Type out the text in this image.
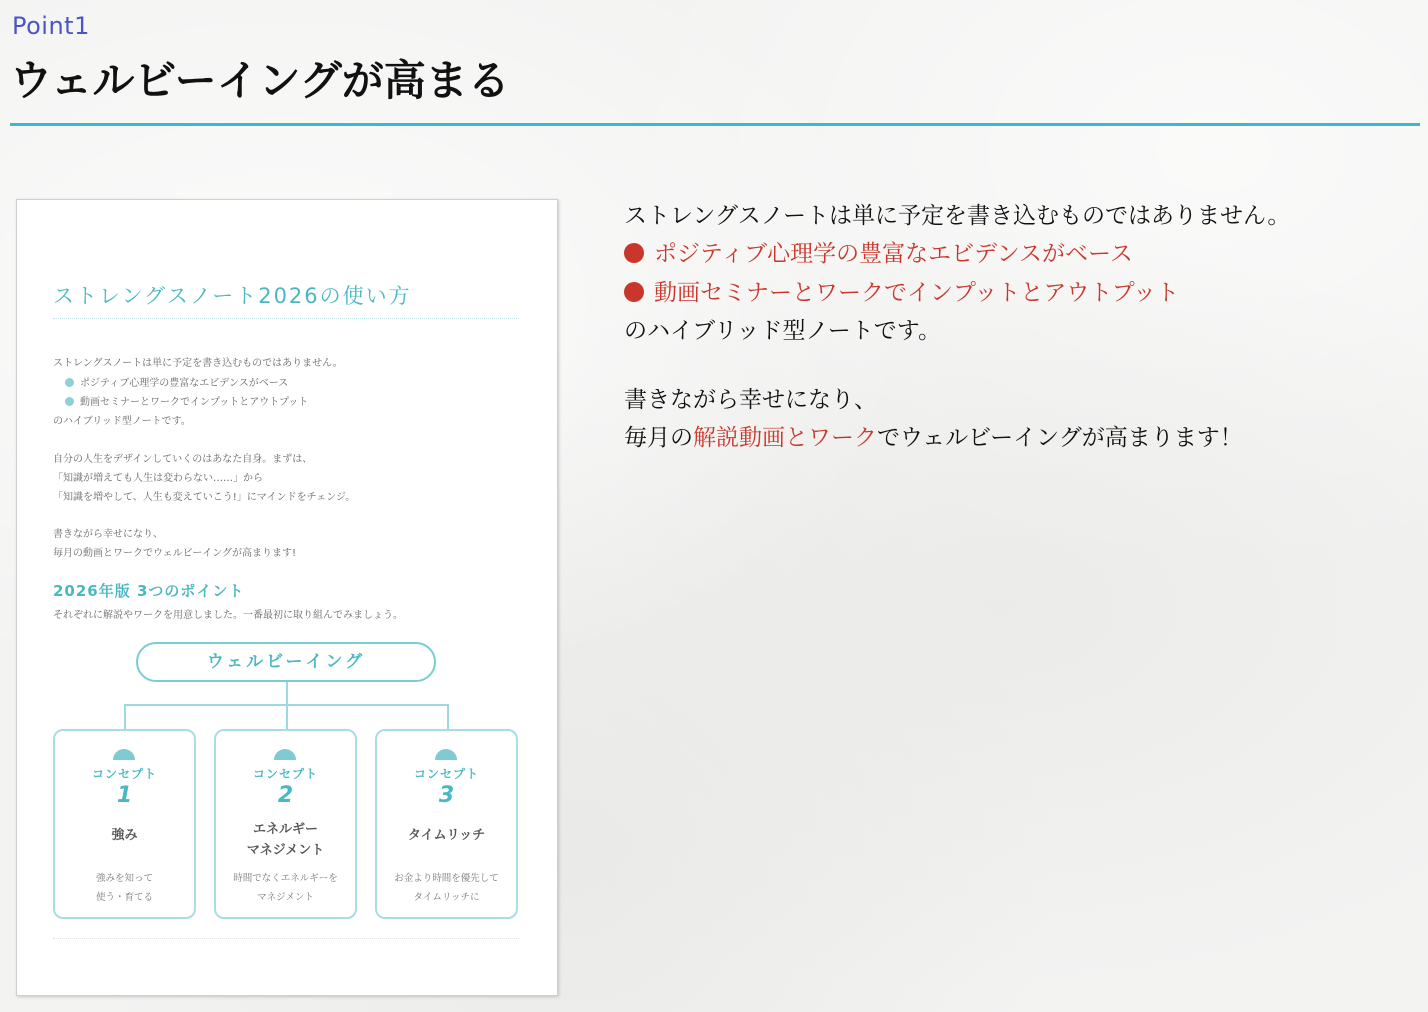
Point1
ウェルビーイングが高まる
ストレングスノート2026の使い方
ストレングスノートは単に予定を書き込むものではありません。
ポジティブ心理学の豊富なエビデンスがベース
動画セミナーとワークでインプットとアウトプット
のハイブリッド型ノートです。
自分の人生をデザインしていくのはあなた自身。まずは、
「知識が増えても人生は変わらない……」から
「知識を増やして、人生も変えていこう!」にマインドをチェンジ。
書きながら幸せになり、
毎月の動画とワークでウェルビーイングが高まります!
2026年版 3つのポイント
それぞれに解説やワークを用意しました。一番最初に取り組んでみましょう。
ウェルビーイング
コンセプト
1
強み
強みを知って
使う・育てる
コンセプト
2
エネルギー
マネジメント
時間でなくエネルギーを
マネジメント
コンセプト
3
タイムリッチ
お金より時間を優先して
タイムリッチに
ストレングスノートは単に予定を書き込むものではありません。
ポジティブ心理学の豊富なエビデンスがベース
動画セミナーとワークでインプットとアウトプット
のハイブリッド型ノートです。
書きながら幸せになり、
毎月の解説動画とワークでウェルビーイングが高まります！
